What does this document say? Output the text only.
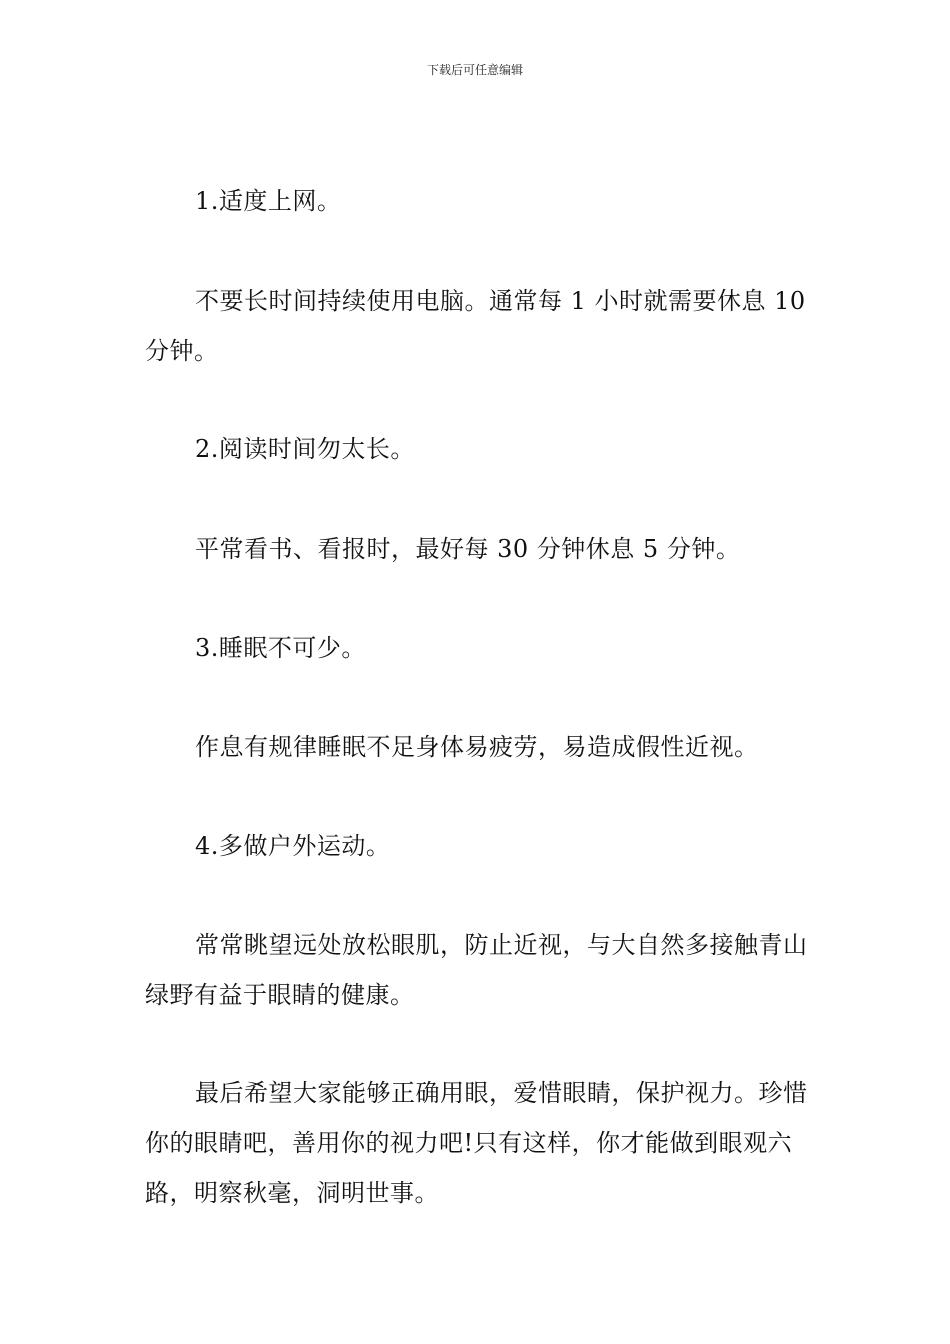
下载后可任意编辑

1.适度上网。

不要长时间持续使用电脑。通常每 1 小时就需要休息 10 分钟。

2.阅读时间勿太长。

平常看书、看报时，最好每 30 分钟休息 5 分钟。

3.睡眠不可少。

作息有规律睡眠不足身体易疲劳，易造成假性近视。

4.多做户外运动。

常常眺望远处放松眼肌，防止近视，与大自然多接触青山绿野有益于眼睛的健康。

最后希望大家能够正确用眼，爱惜眼睛，保护视力。珍惜你的眼睛吧，善用你的视力吧!只有这样，你才能做到眼观六路，明察秋毫，洞明世事。
